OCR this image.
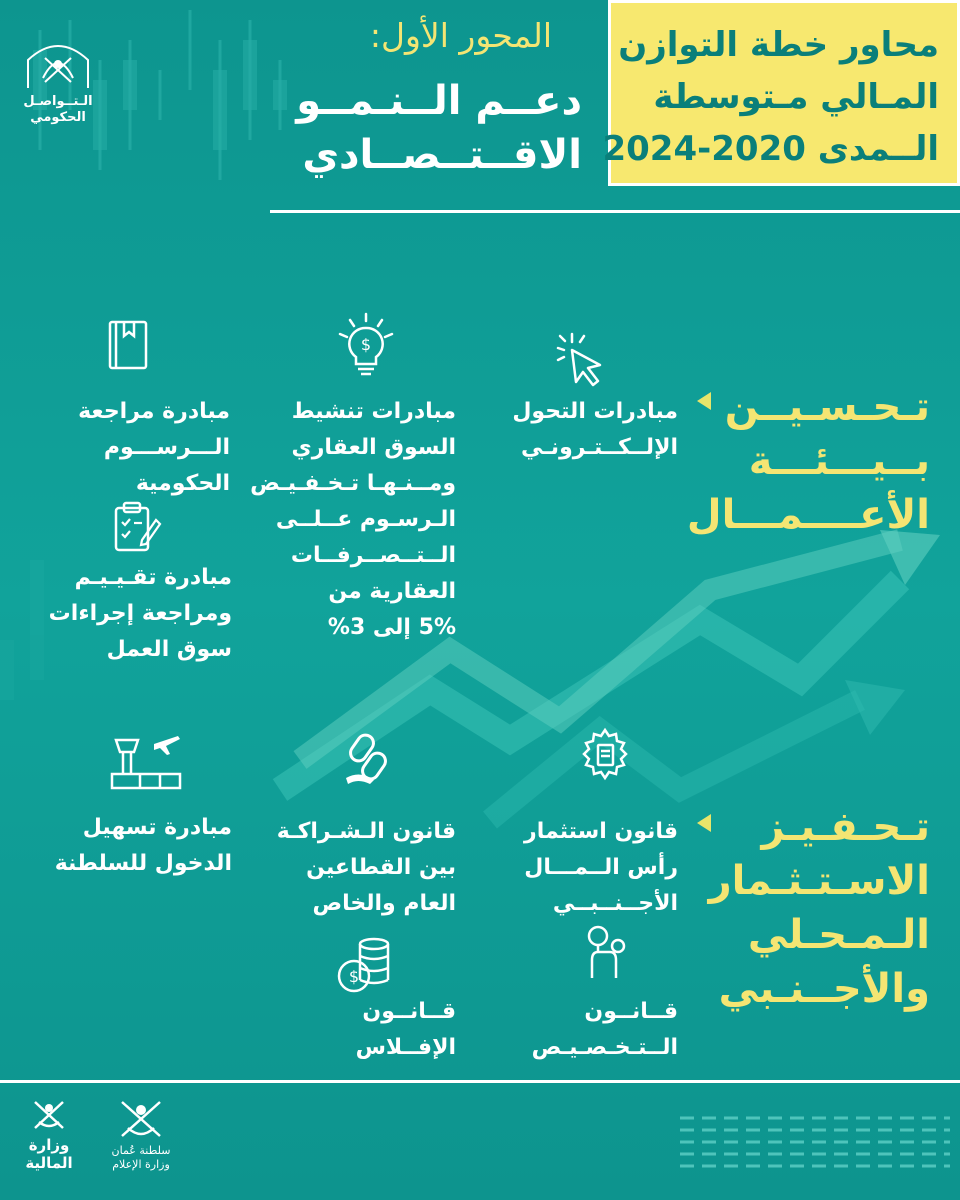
محاور خطة التوازن
المـالي مـتوسطة
الــمدى 2020-2024
المحور الأول:
دعــم الــنـمــو
الاقــتــصــادي
الـتــواصـل
الحكومي
تـحـسـيــن
بــيـــئـــة
الأعــــمـــال
مبادرات التحول
الإلــكــتـرونـي
$
مبادرات تنشيط
السوق العقاري
ومــنـهـا تـخـفـيـض
الـرسـوم عــلــى
الــتــصــرفــات
العقارية من
5% إلى 3%
مبادرة مراجعة
الـــرســـوم
الحكومية
مبادرة تقـيـيـم
ومراجعة إجراءات
سوق العمل
تـحـفـيـز
الاسـتـثـمار
الـمـحـلي
والأجــنـبي
قانون استثمار
رأس الــمـــال
الأجــنــبــي
قانون الـشـراكـة
بين القطاعين
العام والخاص
مبادرة تسهيل
الدخول للسلطنة
قــانــون
الــتـخـصـيـص
$
قــانــون
الإفــلاس
وزارة
المالية
سلطنة عُمان
وزارة الإعلام
